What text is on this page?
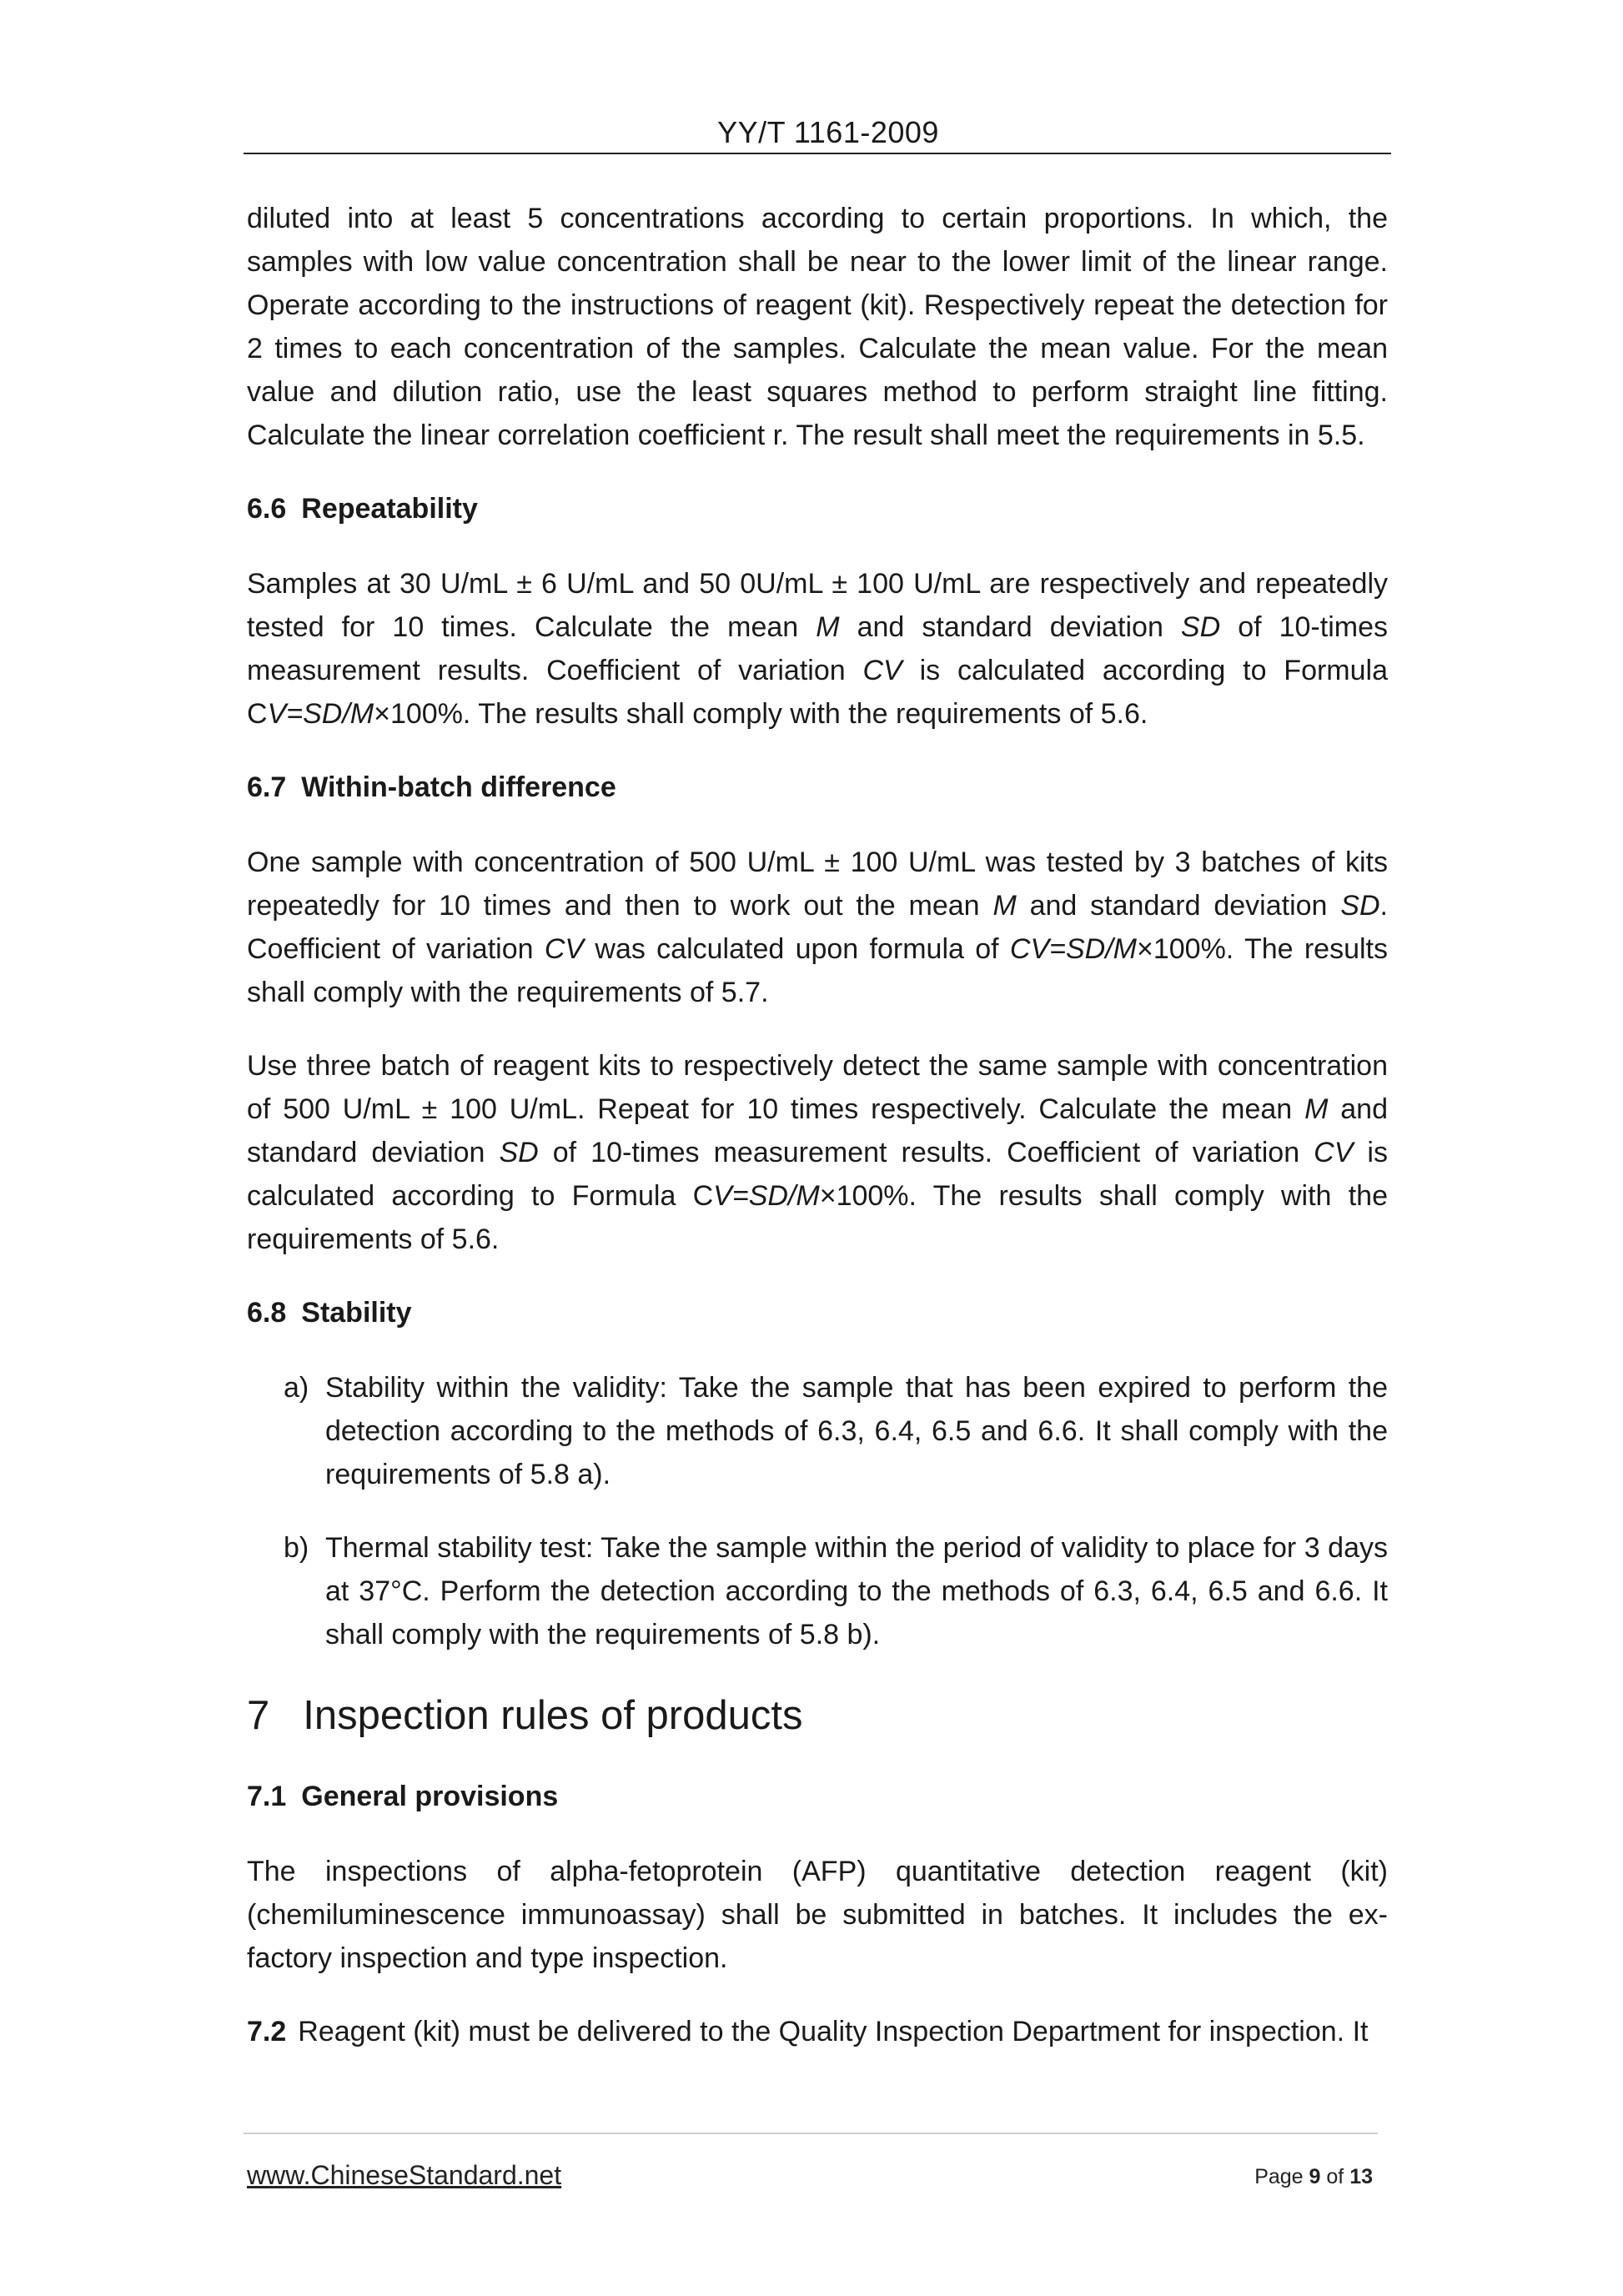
YY/T 1161-2009

diluted into at least 5 concentrations according to certain proportions. In which, the samples with low value concentration shall be near to the lower limit of the linear range. Operate according to the instructions of reagent (kit). Respectively repeat the detection for 2 times to each concentration of the samples. Calculate the mean value. For the mean value and dilution ratio, use the least squares method to perform straight line fitting. Calculate the linear correlation coefficient r. The result shall meet the requirements in 5.5.

6.6 Repeatability

Samples at 30 U/mL ± 6 U/mL and 50 0U/mL ± 100 U/mL are respectively and repeatedly tested for 10 times. Calculate the mean M and standard deviation SD of 10-times measurement results. Coefficient of variation CV is calculated according to Formula CV=SD/M×100%. The results shall comply with the requirements of 5.6.

6.7 Within-batch difference

One sample with concentration of 500 U/mL ± 100 U/mL was tested by 3 batches of kits repeatedly for 10 times and then to work out the mean M and standard deviation SD. Coefficient of variation CV was calculated upon formula of CV=SD/M×100%. The results shall comply with the requirements of 5.7.

Use three batch of reagent kits to respectively detect the same sample with concentration of 500 U/mL ± 100 U/mL. Repeat for 10 times respectively. Calculate the mean M and standard deviation SD of 10-times measurement results. Coefficient of variation CV is calculated according to Formula CV=SD/M×100%. The results shall comply with the requirements of 5.6.

6.8 Stability
a) Stability within the validity: Take the sample that has been expired to perform the detection according to the methods of 6.3, 6.4, 6.5 and 6.6. It shall comply with the requirements of 5.8 a).
b) Thermal stability test: Take the sample within the period of validity to place for 3 days at 37°C. Perform the detection according to the methods of 6.3, 6.4, 6.5 and 6.6. It shall comply with the requirements of 5.8 b).
7 Inspection rules of products
7.1 General provisions

The inspections of alpha-fetoprotein (AFP) quantitative detection reagent (kit) (chemiluminescence immunoassay) shall be submitted in batches. It includes the ex-factory inspection and type inspection.

7.2 Reagent (kit) must be delivered to the Quality Inspection Department for inspection. It

www.ChineseStandard.net	Page 9 of 13
